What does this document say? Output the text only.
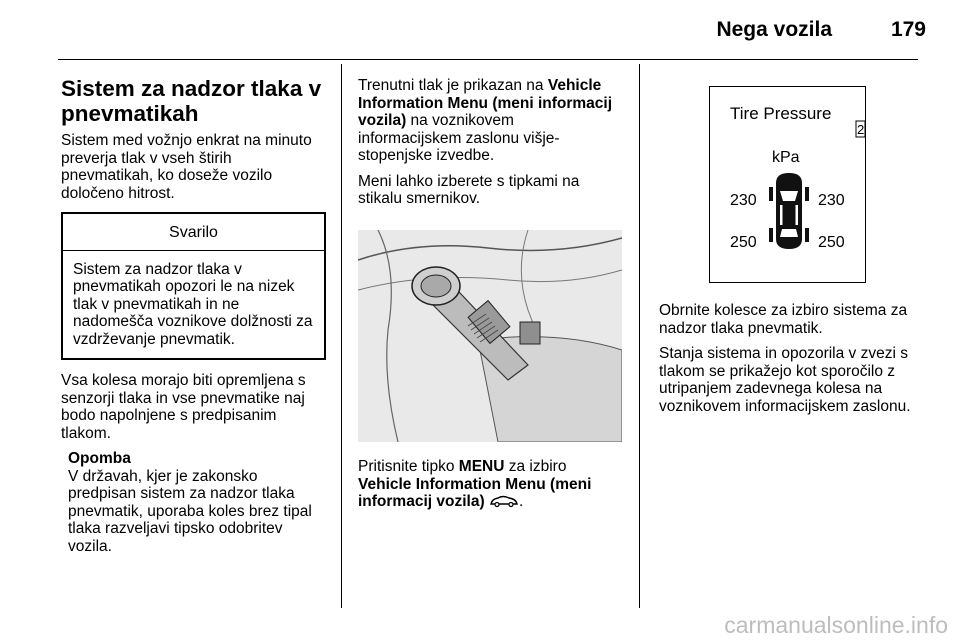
Nega vozila	179
Sistem za nadzor tlaka v
pnevmatikah

Sistem med vožnjo enkrat na minuto preverja tlak v vseh štirih pnevmatikah, ko doseže vozilo določeno hitrost.

Svarilo
Sistem za nadzor tlaka v pnevmatikah opozori le na nizek tlak v pnevmatikah in ne nadomešča voznikove dolžnosti za vzdrževanje pnevmatik.

Vsa kolesa morajo biti opremljena s senzorji tlaka in vse pnevmatike naj bodo napolnjene s predpisanim tlakom.

Opomba
V državah, kjer je zakonsko predpisan sistem za nadzor tlaka pnevmatik, uporaba koles brez tipal tlaka razveljavi tipsko odobritev vozila.

Trenutni tlak je prikazan na Vehicle Information Menu (meni informacij vozila) na voznikovem informacijskem zaslonu višje-stopenjske izvedbe.

Meni lahko izberete s tipkami na stikalu smernikov.

Pritisnite tipko MENU za izbiro Vehicle Information Menu (meni informacij vozila) .

Tire Pressure
2
kPa
230	230
250	250

Obrnite kolesce za izbiro sistema za nadzor tlaka pnevmatik.

Stanja sistema in opozorila v zvezi s tlakom se prikažejo kot sporočilo z utripanjem zadevnega kolesa na voznikovem informacijskem zaslonu.

carmanualsonline.info
